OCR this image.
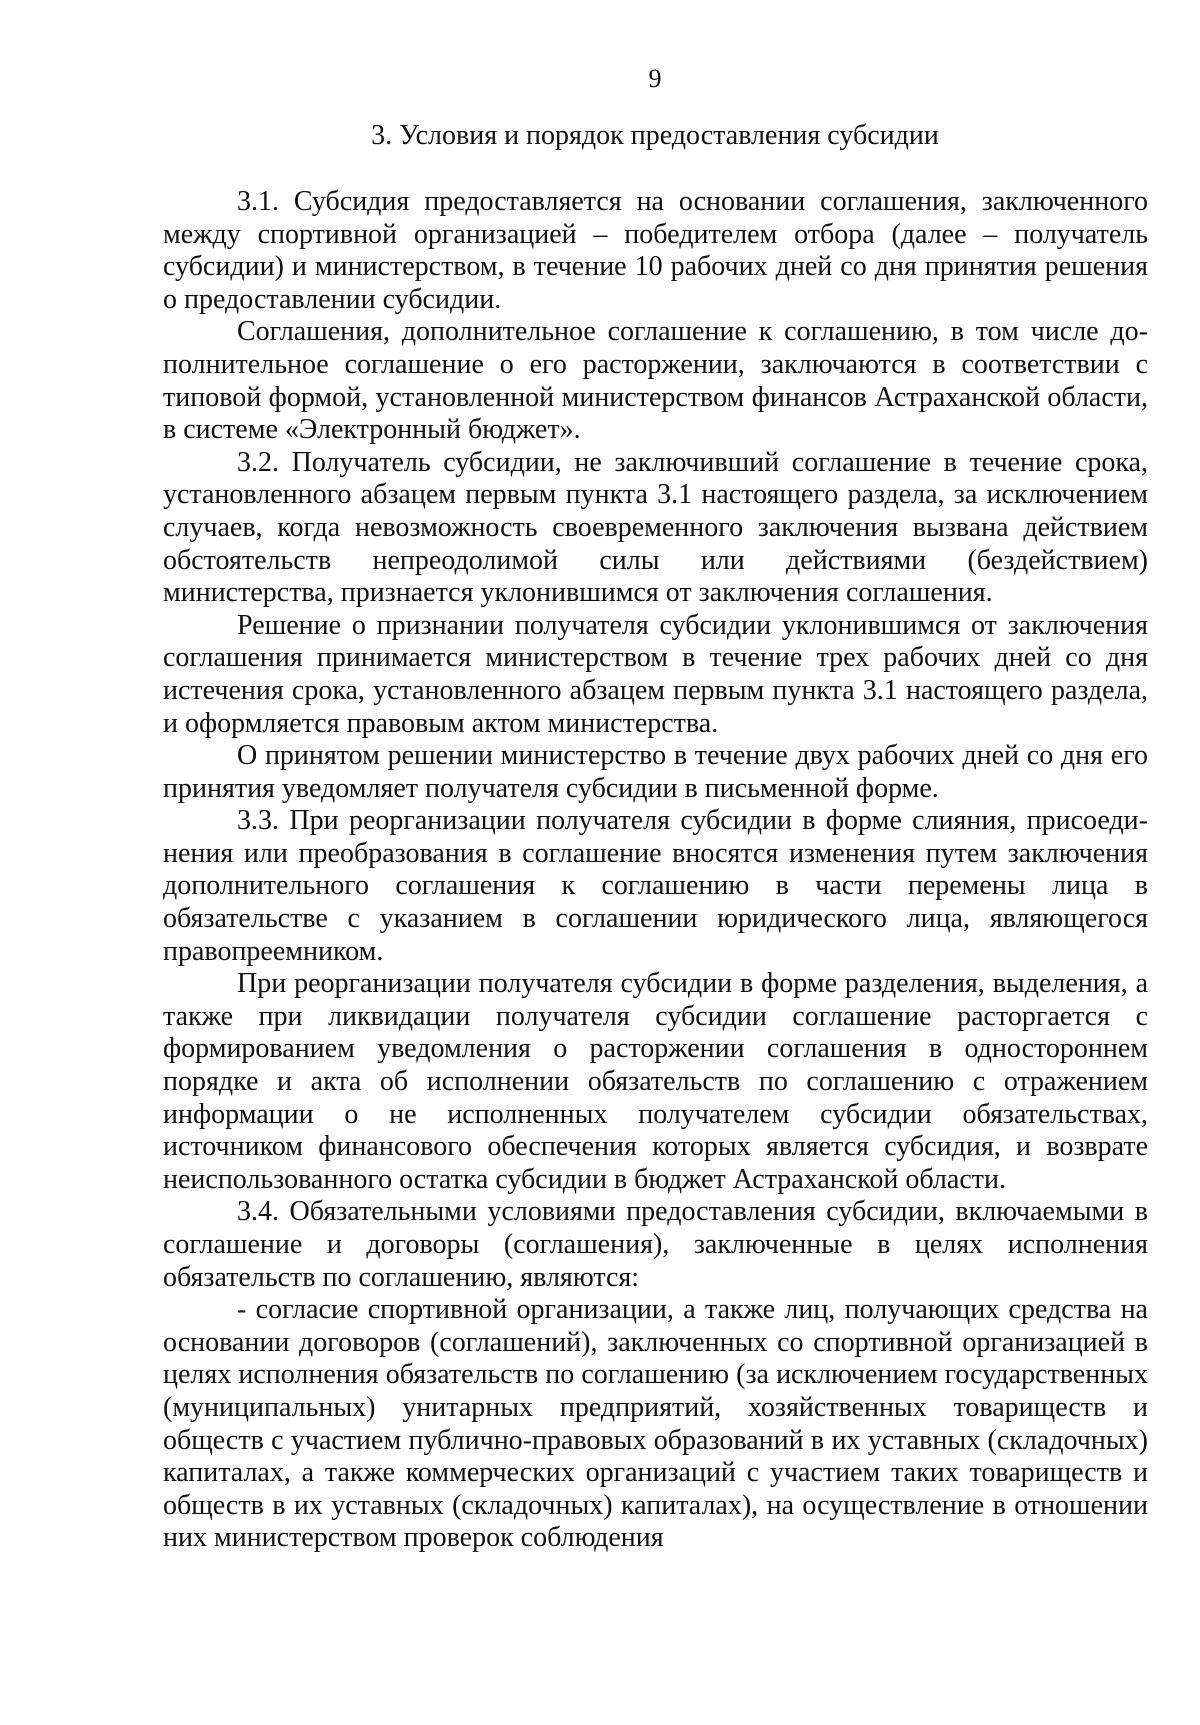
9
3. Условия и порядок предоставления субсидии

3.1. Субсидия предоставляется на основании соглашения, заключенного между спортивной организацией – победителем отбора (далее – получатель субсидии) и министерством, в течение 10 рабочих дней со дня принятия решения о предоставлении субсидии.

Соглашения, дополнительное соглашение к соглашению, в том числе дополнительное соглашение о его расторжении, заключаются в соответствии с типовой формой, установленной министерством финансов Астраханской области, в системе «Электронный бюджет».

3.2. Получатель субсидии, не заключивший соглашение в течение срока, установленного абзацем первым пункта 3.1 настоящего раздела, за исключением случаев, когда невозможность своевременного заключения вызвана действием обстоятельств непреодолимой силы или действиями (бездействием) министерства, признается уклонившимся от заключения соглашения.

Решение о признании получателя субсидии уклонившимся от заключения соглашения принимается министерством в течение трех рабочих дней со дня истечения срока, установленного абзацем первым пункта 3.1 настоящего раздела, и оформляется правовым актом министерства.

О принятом решении министерство в течение двух рабочих дней со дня его принятия уведомляет получателя субсидии в письменной форме.

3.3. При реорганизации получателя субсидии в форме слияния, присоединения или преобразования в соглашение вносятся изменения путем заключения дополнительного соглашения к соглашению в части перемены лица в обязательстве с указанием в соглашении юридического лица, являющегося правопреемником.

При реорганизации получателя субсидии в форме разделения, выделения, а также при ликвидации получателя субсидии соглашение расторгается с формированием уведомления о расторжении соглашения в одностороннем порядке и акта об исполнении обязательств по соглашению с отражением информации о не исполненных получателем субсидии обязательствах, источником финансового обеспечения которых является субсидия, и возврате неиспользованного остатка субсидии в бюджет Астраханской области.

3.4. Обязательными условиями предоставления субсидии, включаемыми в соглашение и договоры (соглашения), заключенные в целях исполнения обязательств по соглашению, являются:

- согласие спортивной организации, а также лиц, получающих средства на основании договоров (соглашений), заключенных со спортивной организацией в целях исполнения обязательств по соглашению (за исключением государственных (муниципальных) унитарных предприятий, хозяйственных товариществ и обществ с участием публично-правовых образований в их уставных (складочных) капиталах, а также коммерческих организаций с участием таких товариществ и обществ в их уставных (складочных) капиталах), на осуществление в отношении них министерством проверок соблюдения
